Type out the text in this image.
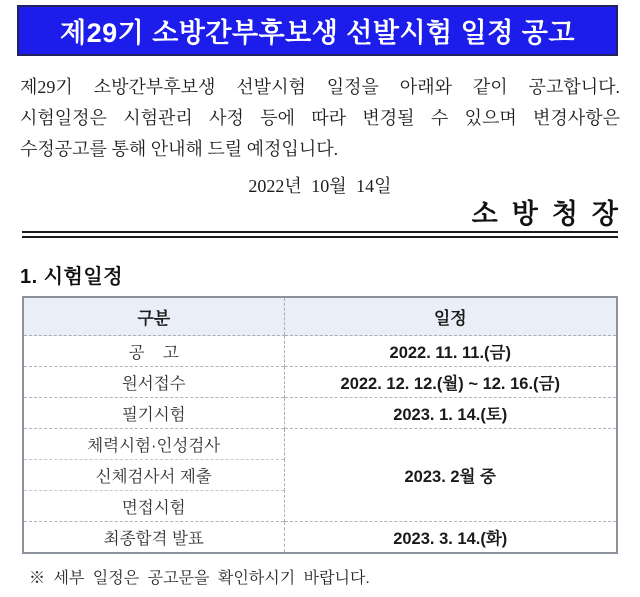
제29기 소방간부후보생 선발시험 일정 공고
제29기 소방간부후보생 선발시험 일정을 아래와 같이 공고합니다.
시험일정은 시험관리 사정 등에 따라 변경될 수 있으며 변경사항은
수정공고를 통해 안내해 드릴 예정입니다.
2022년 10월 14일
소방청장
1. 시험일정
구분	일정
공    고	2022. 11. 11.(금)
원서접수	2022. 12. 12.(월) ~ 12. 16.(금)
필기시험	2023. 1. 14.(토)
체력시험·인성검사	2023. 2월 중
신체검사서 제출	
면접시험	
최종합격 발표	2023. 3. 14.(화)
※ 세부 일정은 공고문을 확인하시기 바랍니다.
